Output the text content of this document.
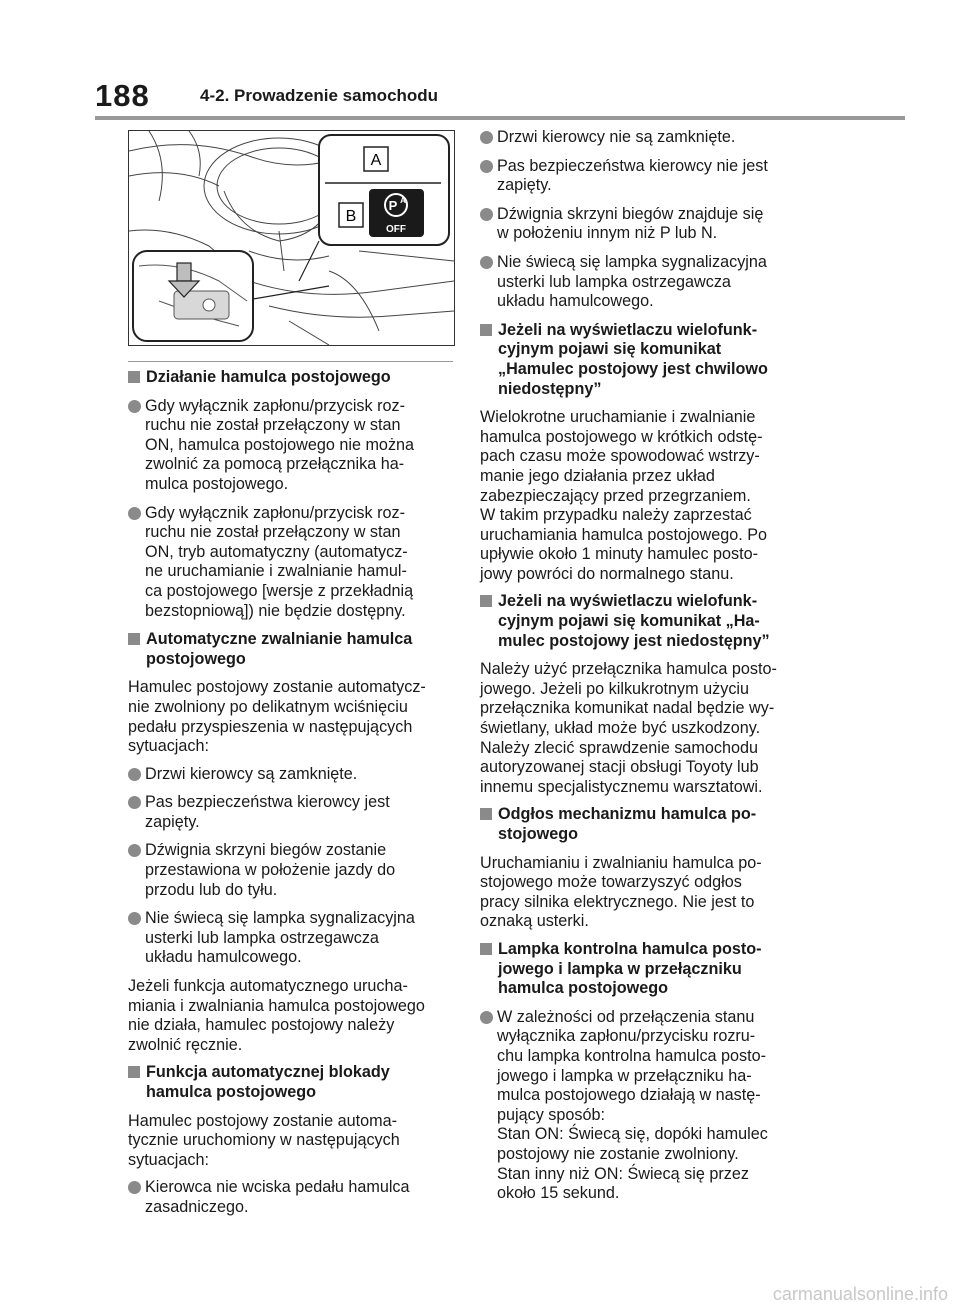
188	4-2. Prowadzenie samochodu
A
B
P A
OFF
Działanie hamulca postojowego
Gdy wyłącznik zapłonu/przycisk roz-
ruchu nie został przełączony w stan
ON, hamulca postojowego nie można
zwolnić za pomocą przełącznika ha-
mulca postojowego.
Gdy wyłącznik zapłonu/przycisk roz-
ruchu nie został przełączony w stan
ON, tryb automatyczny (automatycz-
ne uruchamianie i zwalnianie hamul-
ca postojowego [wersje z przekładnią
bezstopniową]) nie będzie dostępny.
Automatyczne zwalnianie hamulca
postojowego
Hamulec postojowy zostanie automatycz-
nie zwolniony po delikatnym wciśnięciu
pedału przyspieszenia w następujących
sytuacjach:
Drzwi kierowcy są zamknięte.
Pas bezpieczeństwa kierowcy jest
zapięty.
Dźwignia skrzyni biegów zostanie
przestawiona w położenie jazdy do
przodu lub do tyłu.
Nie świecą się lampka sygnalizacyjna
usterki lub lampka ostrzegawcza
układu hamulcowego.
Jeżeli funkcja automatycznego urucha-
miania i zwalniania hamulca postojowego
nie działa, hamulec postojowy należy
zwolnić ręcznie.
Funkcja automatycznej blokady
hamulca postojowego
Hamulec postojowy zostanie automa-
tycznie uruchomiony w następujących
sytuacjach:
Kierowca nie wciska pedału hamulca
zasadniczego.
Drzwi kierowcy nie są zamknięte.
Pas bezpieczeństwa kierowcy nie jest
zapięty.
Dźwignia skrzyni biegów znajduje się
w położeniu innym niż P lub N.
Nie świecą się lampka sygnalizacyjna
usterki lub lampka ostrzegawcza
układu hamulcowego.
Jeżeli na wyświetlaczu wielofunk-
cyjnym pojawi się komunikat
„Hamulec postojowy jest chwilowo
niedostępny”
Wielokrotne uruchamianie i zwalnianie
hamulca postojowego w krótkich odstę-
pach czasu może spowodować wstrzy-
manie jego działania przez układ
zabezpieczający przed przegrzaniem.
W takim przypadku należy zaprzestać
uruchamiania hamulca postojowego. Po
upływie około 1 minuty hamulec posto-
jowy powróci do normalnego stanu.
Jeżeli na wyświetlaczu wielofunk-
cyjnym pojawi się komunikat „Ha-
mulec postojowy jest niedostępny”
Należy użyć przełącznika hamulca posto-
jowego. Jeżeli po kilkukrotnym użyciu
przełącznika komunikat nadal będzie wy-
świetlany, układ może być uszkodzony.
Należy zlecić sprawdzenie samochodu
autoryzowanej stacji obsługi Toyoty lub
innemu specjalistycznemu warsztatowi.
Odgłos mechanizmu hamulca po-
stojowego
Uruchamianiu i zwalnianiu hamulca po-
stojowego może towarzyszyć odgłos
pracy silnika elektrycznego. Nie jest to
oznaką usterki.
Lampka kontrolna hamulca posto-
jowego i lampka w przełączniku
hamulca postojowego
W zależności od przełączenia stanu
wyłącznika zapłonu/przycisku rozru-
chu lampka kontrolna hamulca posto-
jowego i lampka w przełączniku ha-
mulca postojowego działają w nastę-
pujący sposób:
Stan ON: Świecą się, dopóki hamulec
postojowy nie zostanie zwolniony.
Stan inny niż ON: Świecą się przez
około 15 sekund.
carmanualsonline.info
